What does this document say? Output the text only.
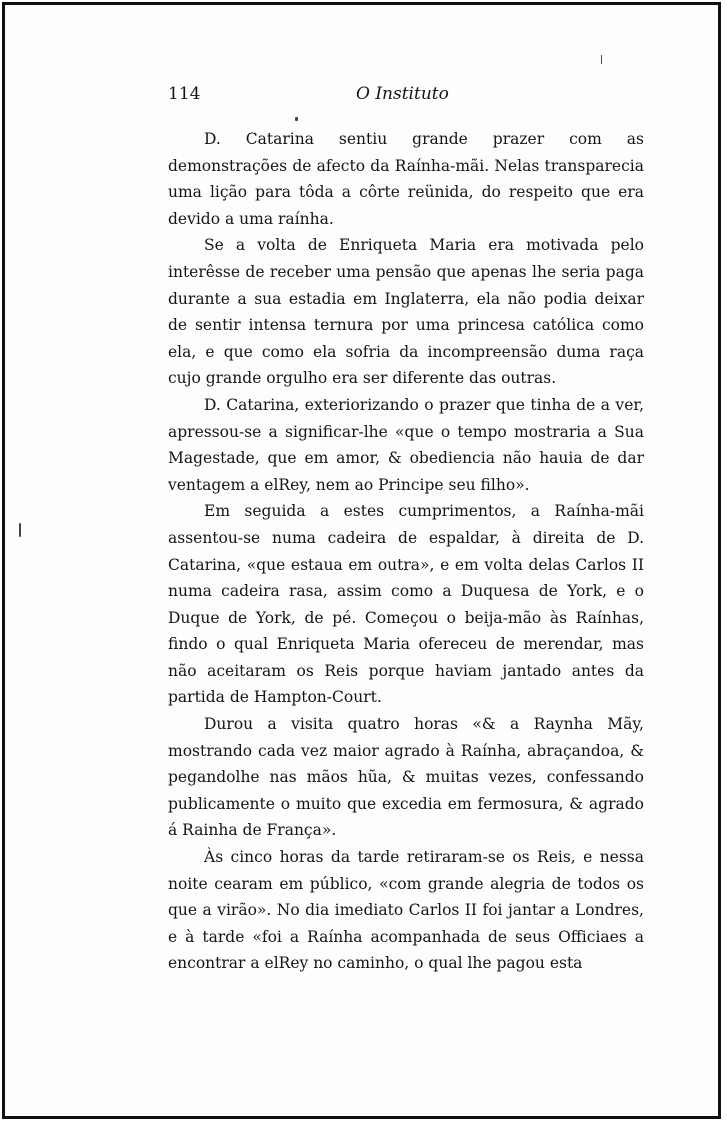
114	O Instituto

D. Catarina sentiu grande prazer com as demonstrações de afecto da Raínha-mãi. Nelas transparecia uma lição para tôda a côrte reünida, do respeito que era devido a uma raínha.

Se a volta de Enriqueta Maria era motivada pelo interêsse de receber uma pensão que apenas lhe seria paga durante a sua estadia em Inglaterra, ela não podia deixar de sentir intensa ternura por uma princesa católica como ela, e que como ela sofria da incompreensão duma raça cujo grande orgulho era ser diferente das outras.

D. Catarina, exteriorizando o prazer que tinha de a ver, apressou-se a significar-lhe «que o tempo mostraria a Sua Magestade, que em amor, & obediencia não hauia de dar ventagem a elRey, nem ao Principe seu filho».

Em seguida a estes cumprimentos, a Raínha-mãi assentou-se numa cadeira de espaldar, à direita de D. Catarina, «que estaua em outra», e em volta delas Carlos II numa cadeira rasa, assim como a Duquesa de York, e o Duque de York, de pé. Começou o beija-mão às Raínhas, findo o qual Enriqueta Maria ofereceu de merendar, mas não aceitaram os Reis porque haviam jantado antes da partida de Hampton-Court.

Durou a visita quatro horas «& a Raynha Mãy, mostrando cada vez maior agrado à Raínha, abraçandoa, & pegandolhe nas mãos hũa, & muitas vezes, confessando publicamente o muito que excedia em fermosura, & agrado á Rainha de França».

Às cinco horas da tarde retiraram-se os Reis, e nessa noite cearam em público, «com grande alegria de todos os que a virão». No dia imediato Carlos II foi jantar a Londres, e à tarde «foi a Raínha acompanhada de seus Officiaes a encontrar a elRey no caminho, o qual lhe pagou esta
